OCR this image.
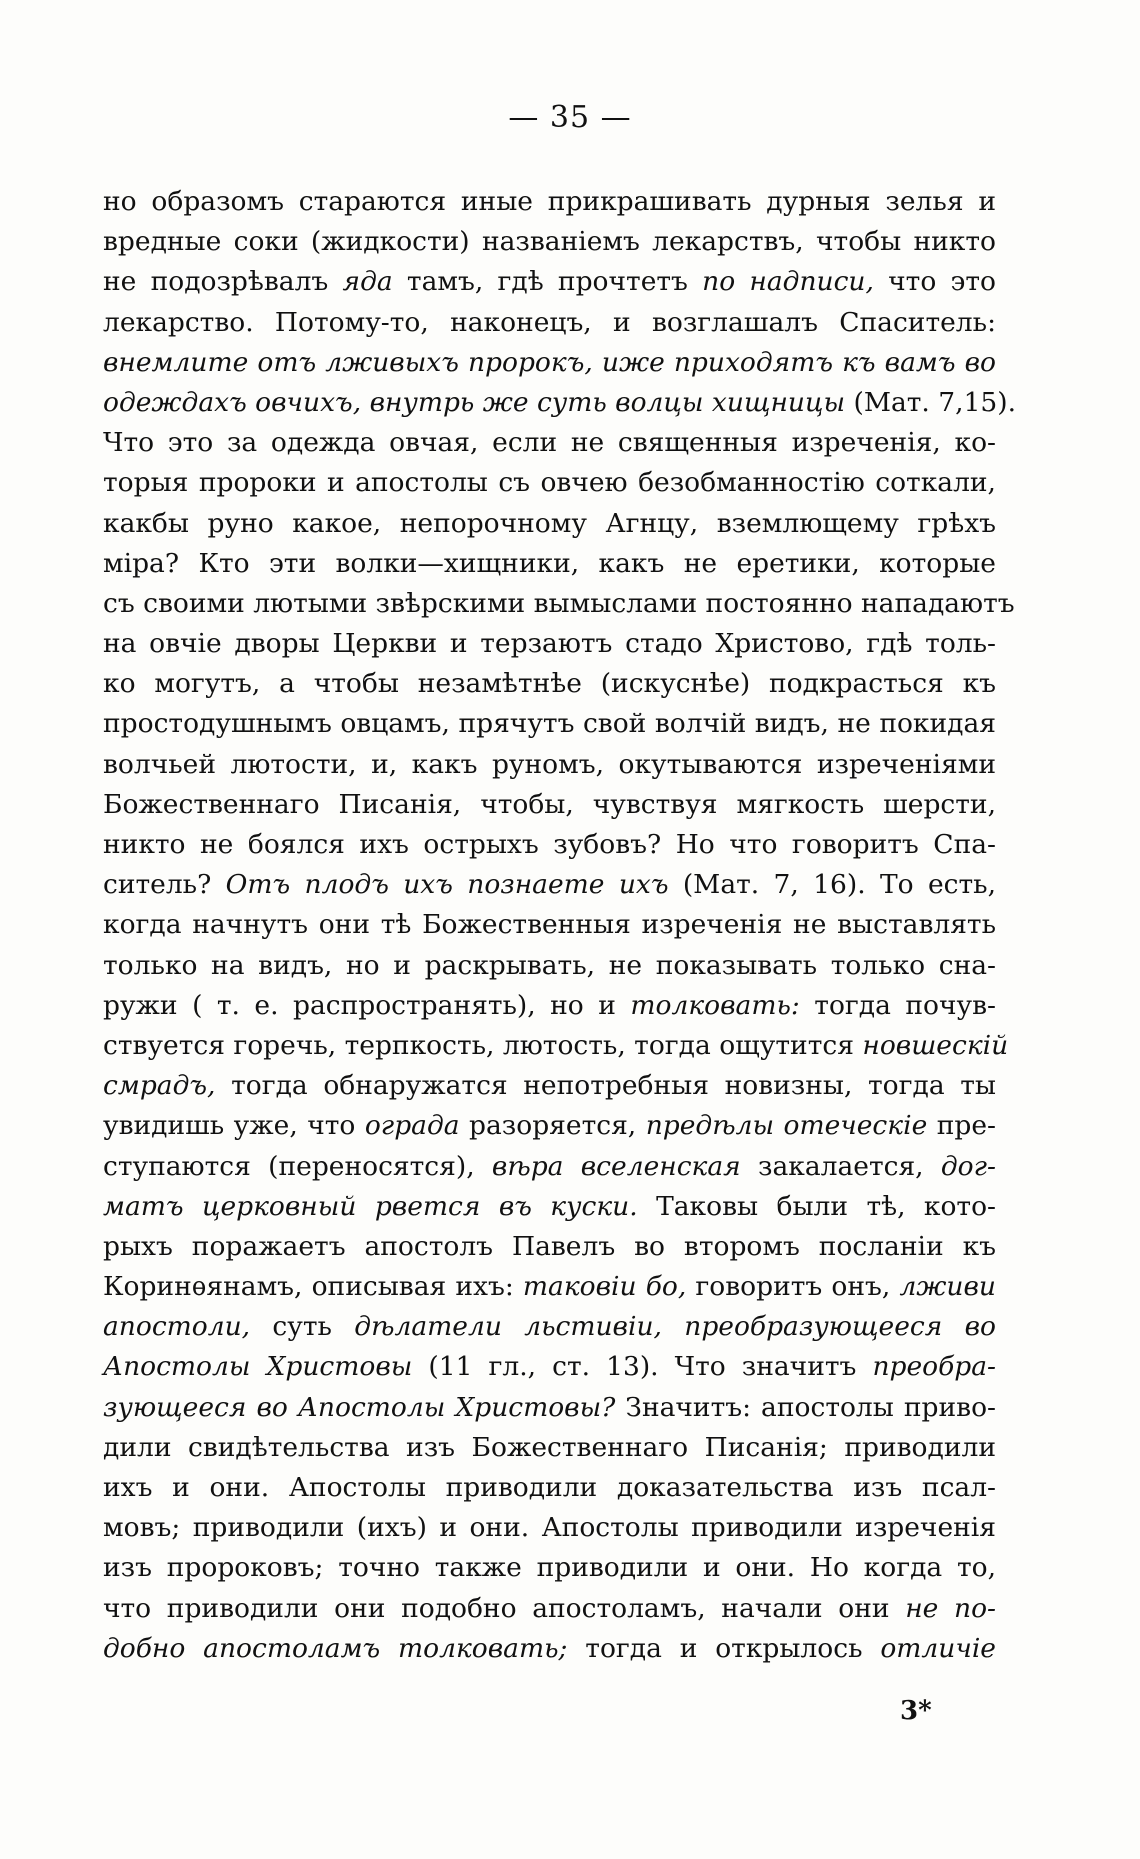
— 35 —
но образомъ стараются иные прикрашивать дурныя зелья и
вредные соки (жидкости) названіемъ лекарствъ, чтобы никто
не подозрѣвалъ яда тамъ, гдѣ прочтетъ по надписи, что это
лекарство. Потому-то, наконецъ, и возглашалъ Спаситель:
внемлите отъ лживыхъ пророкъ, иже приходятъ къ вамъ во
одеждахъ овчихъ, внутрь же суть волцы хищницы (Мат. 7,15).
Что это за одежда овчая, если не священныя изреченія, ко-
торыя пророки и апостолы съ овчею безобманностію соткали,
какбы руно какое, непорочному Агнцу, вземлющему грѣхъ
міра? Кто эти волки—хищники, какъ не еретики, которые
съ своими лютыми звѣрскими вымыслами постоянно нападаютъ
на овчіе дворы Церкви и терзаютъ стадо Христово, гдѣ толь-
ко могутъ, а чтобы незамѣтнѣе (искуснѣе) подкрасться къ
простодушнымъ овцамъ, прячутъ свой волчій видъ, не покидая
волчьей лютости, и, какъ руномъ, окутываются изреченіями
Божественнаго Писанія, чтобы, чувствуя мягкость шерсти,
никто не боялся ихъ острыхъ зубовъ? Но что говоритъ Спа-
ситель? Отъ плодъ ихъ познаете ихъ (Мат. 7, 16). То есть,
когда начнутъ они тѣ Божественныя изреченія не выставлять
только на видъ, но и раскрывать, не показывать только сна-
ружи ( т. е. распространять), но и толковать: тогда почув-
ствуется горечь, терпкость, лютость, тогда ощутится новшескій
смрадъ, тогда обнаружатся непотребныя новизны, тогда ты
увидишь уже, что ограда разоряется, предѣлы отеческіе пре-
ступаются (переносятся), вѣра вселенская закалается, дог-
матъ церковный рвется въ куски. Таковы были тѣ, кото-
рыхъ поражаетъ апостолъ Павелъ во второмъ посланіи къ
Коринѳянамъ, описывая ихъ: таковіи бо, говоритъ онъ, лживи
апостоли, суть дѣлатели льстивіи, преобразующееся во
Апостолы Христовы (11 гл., ст. 13). Что значитъ преобра-
зующееся во Апостолы Христовы? Значитъ: апостолы приво-
дили свидѣтельства изъ Божественнаго Писанія; приводили
ихъ и они. Апостолы приводили доказательства изъ псал-
мовъ; приводили (ихъ) и они. Апостолы приводили изреченія
изъ пророковъ; точно также приводили и они. Но когда то,
что приводили они подобно апостоламъ, начали они не по-
добно апостоламъ толковать; тогда и открылось отличіе
3*
